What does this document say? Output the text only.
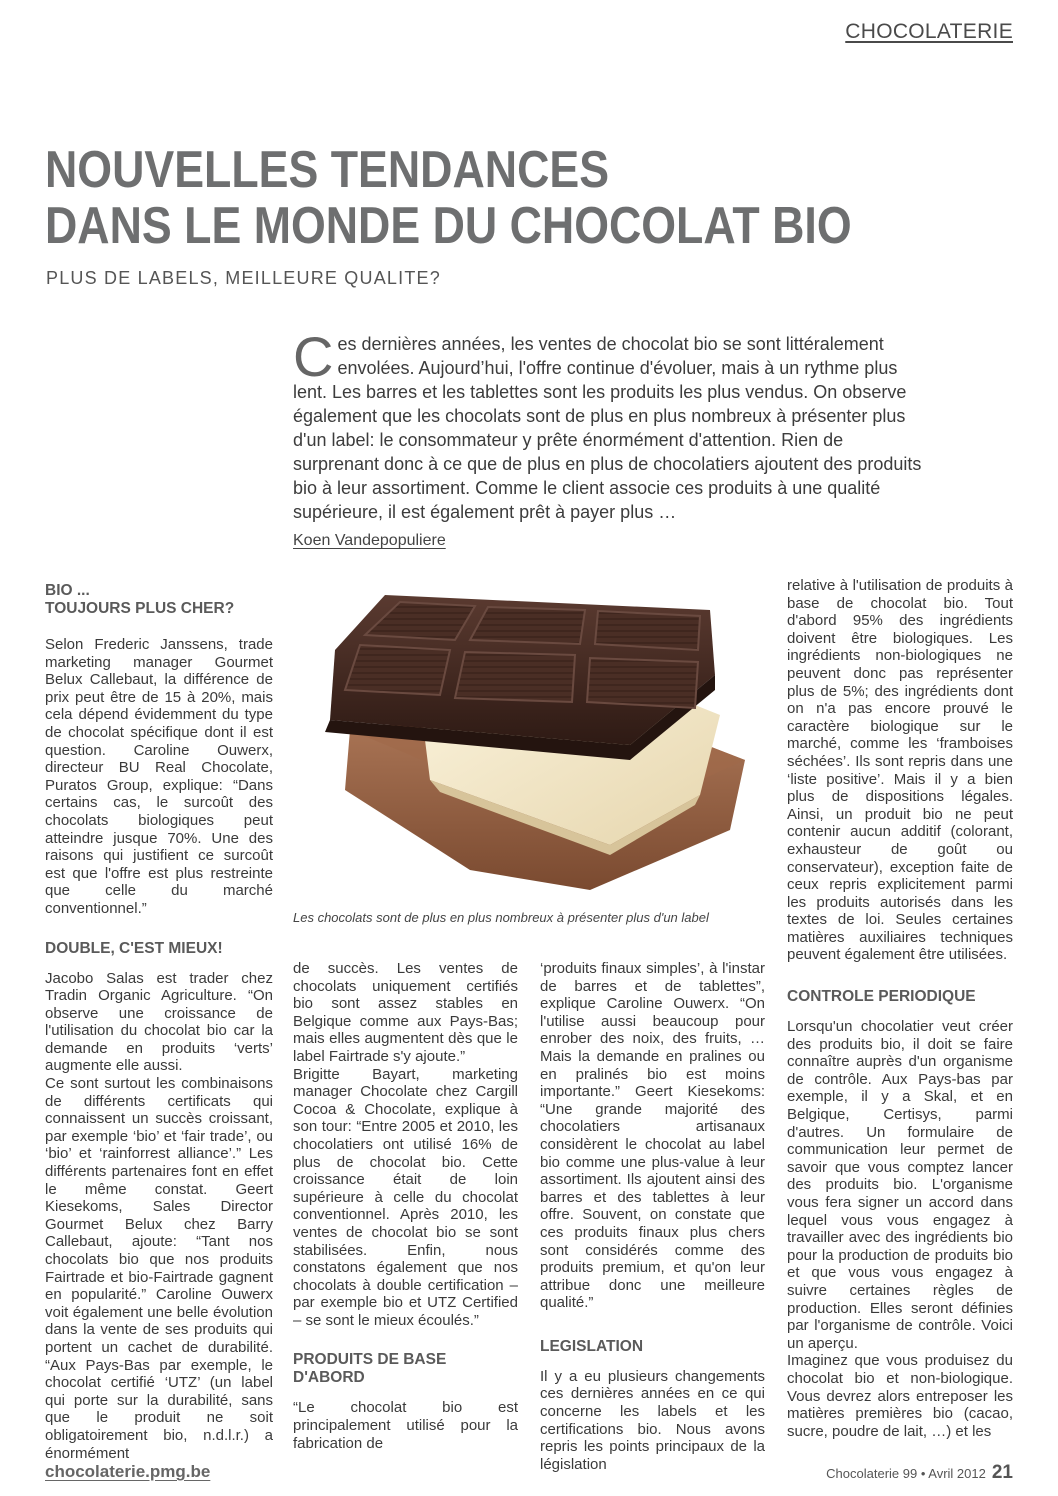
CHOCOLATERIE
NOUVELLES TENDANCES
DANS LE MONDE DU CHOCOLAT BIO
PLUS DE LABELS, MEILLEURE QUALITE?
Ces dernières années, les ventes de chocolat bio se sont littéralement envolées. Aujourd’hui, l'offre continue d'évoluer, mais à un rythme plus lent. Les barres et les tablettes sont les produits les plus vendus. On observe également que les chocolats sont de plus en plus nombreux à présenter plus d'un label: le consommateur y prête énormément d'attention. Rien de surprenant donc à ce que de plus en plus de chocolatiers ajoutent des produits bio à leur assortiment. Comme le client associe ces produits à une qualité supérieure, il est également prêt à payer plus …
Koen Vandepopuliere
BIO ...
TOUJOURS PLUS CHER?

Selon Frederic Janssens, trade marketing manager Gourmet Belux Callebaut, la différence de prix peut être de 15 à 20%, mais cela dépend évidemment du type de chocolat spécifique dont il est question. Caroline Ouwerx, directeur BU Real Chocolate, Puratos Group, explique: “Dans certains cas, le surcoût des chocolats biologiques peut atteindre jusque 70%. Une des raisons qui justifient ce surcoût est que l'offre est plus restreinte que celle du marché conventionnel.”

DOUBLE, C'EST MIEUX!

Jacobo Salas est trader chez Tradin Organic Agriculture. “On observe une croissance de l'utilisation du chocolat bio car la demande en produits ‘verts’ augmente elle aussi.

Ce sont surtout les combinaisons de différents certificats qui connaissent un succès croissant, par exemple ‘bio’ et ‘fair trade’, ou ‘bio’ et ‘rainforrest alliance’.” Les différents partenaires font en effet le même constat. Geert Kiesekoms, Sales Director Gourmet Belux chez Barry Callebaut, ajoute: “Tant nos chocolats bio que nos produits Fairtrade et bio-Fairtrade gagnent en popularité.” Caroline Ouwerx voit également une belle évolution dans la vente de ses produits qui portent un cachet de durabilité. “Aux Pays-Bas par exemple, le chocolat certifié ‘UTZ’ (un label qui porte sur la durabilité, sans que le produit ne soit obligatoirement bio, n.d.l.r.) a énormément

Les chocolats sont de plus en plus nombreux à présenter plus d'un label

de succès. Les ventes de chocolats uniquement certifiés bio sont assez stables en Belgique comme aux Pays-Bas; mais elles augmentent dès que le label Fairtrade s'y ajoute.”

Brigitte Bayart, marketing manager Chocolate chez Cargill Cocoa & Chocolate, explique à son tour: “Entre 2005 et 2010, les chocolatiers ont utilisé 16% de plus de chocolat bio. Cette croissance était de loin supérieure à celle du chocolat conventionnel. Après 2010, les ventes de chocolat bio se sont stabilisées. Enfin, nous constatons également que nos chocolats à double certification – par exemple bio et UTZ Certified – se sont le mieux écoulés.”

PRODUITS DE BASE
D'ABORD

“Le chocolat bio est principalement utilisé pour la fabrication de

‘produits finaux simples’, à l'instar de barres et de tablettes”, explique Caroline Ouwerx. “On l'utilise aussi beaucoup pour enrober des noix, des fruits, … Mais la demande en pralines ou en pralinés bio est moins importante.” Geert Kiesekoms: “Une grande majorité des chocolatiers artisanaux considèrent le chocolat au label bio comme une plus-value à leur assortiment. Ils ajoutent ainsi des barres et des tablettes à leur offre. Souvent, on constate que ces produits finaux plus chers sont considérés comme des produits premium, et qu'on leur attribue donc une meilleure qualité.”

LEGISLATION

Il y a eu plusieurs changements ces dernières années en ce qui concerne les labels et les certifications bio. Nous avons repris les points principaux de la législation

relative à l'utilisation de produits à base de chocolat bio. Tout d'abord 95% des ingrédients doivent être biologiques. Les ingrédients non-biologiques ne peuvent donc pas représenter plus de 5%; des ingrédients dont on n'a pas encore prouvé le caractère biologique sur le marché, comme les ‘framboises séchées’. Ils sont repris dans une ‘liste positive’. Mais il y a bien plus de dispositions légales. Ainsi, un produit bio ne peut contenir aucun additif (colorant, exhausteur de goût ou conservateur), exception faite de ceux repris explicitement parmi les produits autorisés dans les textes de loi. Seules certaines matières auxiliaires techniques peuvent également être utilisées.

CONTROLE PERIODIQUE

Lorsqu'un chocolatier veut créer des produits bio, il doit se faire connaître auprès d'un organisme de contrôle. Aux Pays-bas par exemple, il y a Skal, et en Belgique, Certisys, parmi d'autres. Un formulaire de communication leur permet de savoir que vous comptez lancer des produits bio. L'organisme vous fera signer un accord dans lequel vous vous engagez à travailler avec des ingrédients bio pour la production de produits bio et que vous vous engagez à suivre certaines règles de production. Elles seront définies par l'organisme de contrôle. Voici un aperçu.

Imaginez que vous produisez du chocolat bio et non-biologique. Vous devrez alors entreposer les matières premières bio (cacao, sucre, poudre de lait, …) et les

chocolaterie.pmg.be	Chocolaterie 99 • Avril 2012 21
